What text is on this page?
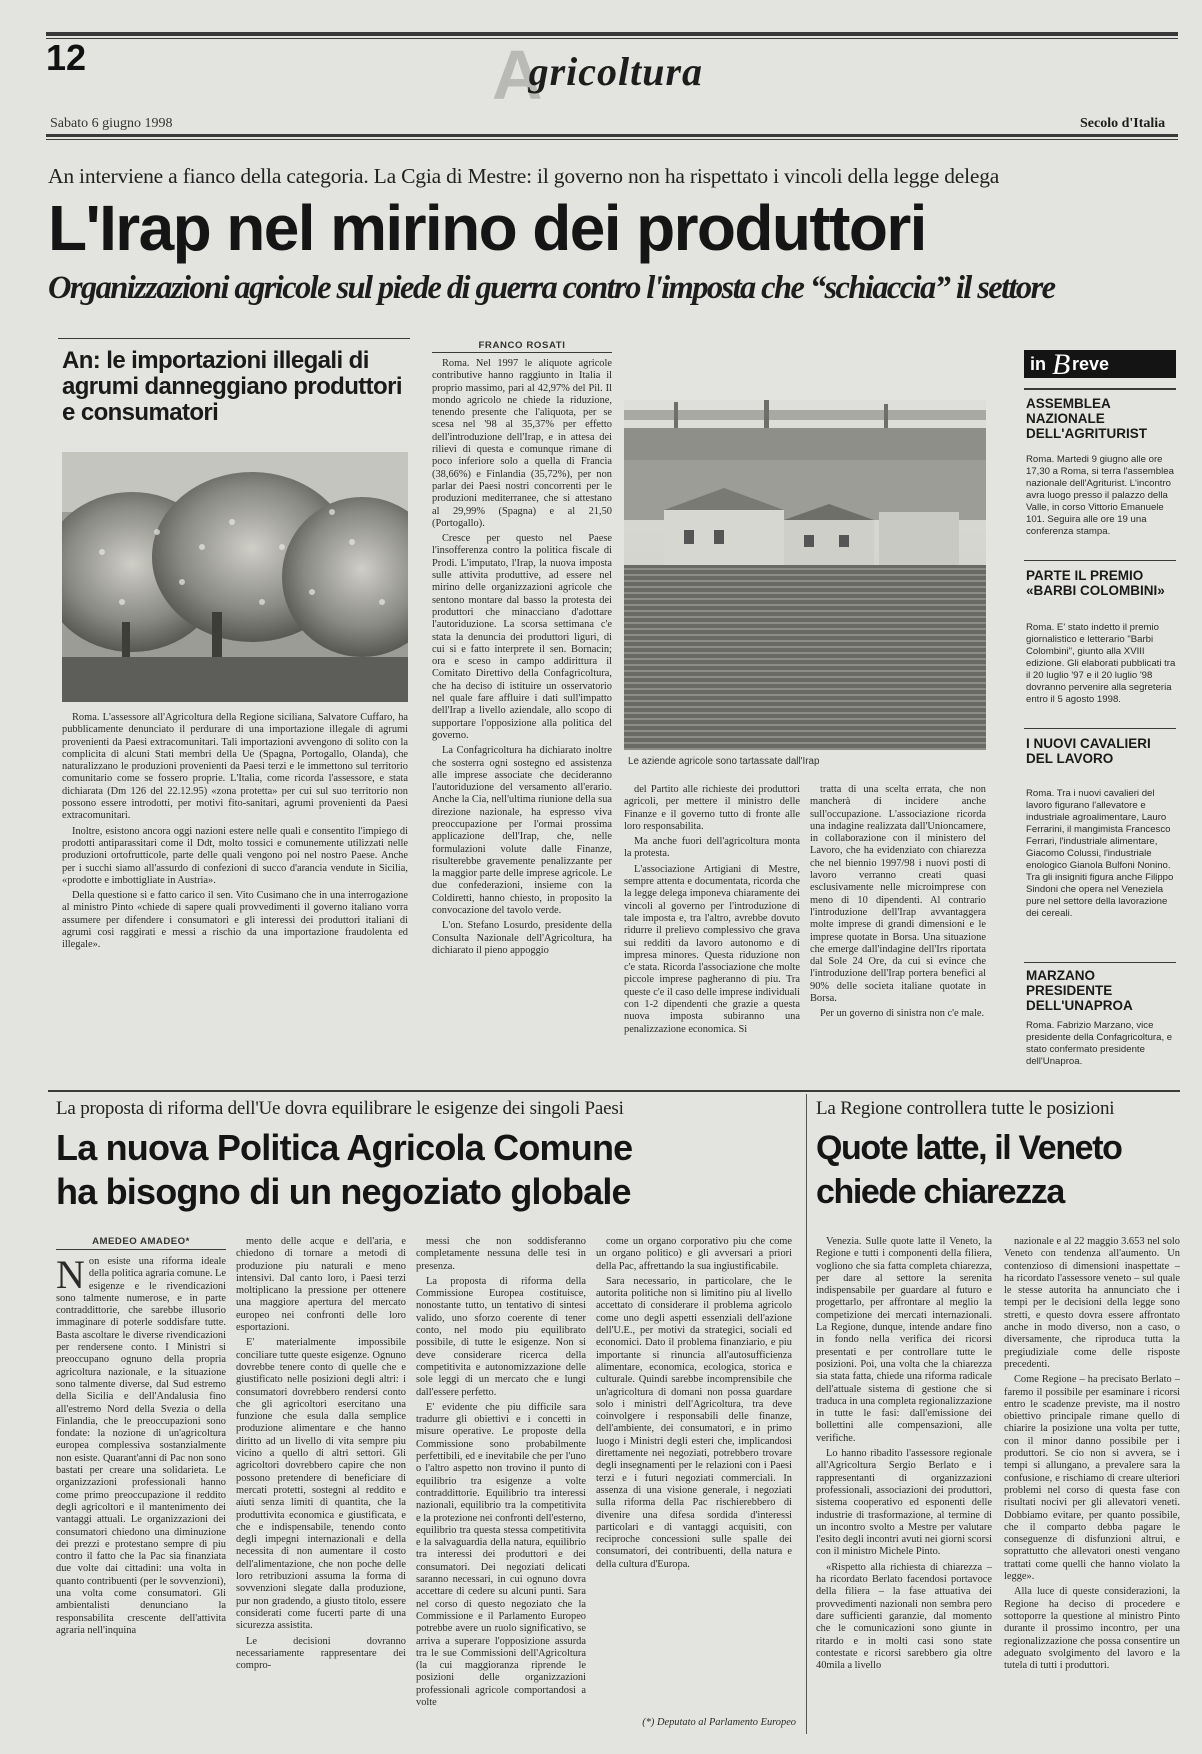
12	Agricoltura
Sabato 6 giugno 1998	Secolo d'Italia
An interviene a fianco della categoria. La Cgia di Mestre: il governo non ha rispettato i vincoli della legge delega
L'Irap nel mirino dei produttori
Organizzazioni agricole sul piede di guerra contro l'imposta che “schiaccia” il settore
An: le importazioni illegali di agrumi danneggiano produttori e consumatori

Roma. L'assessore all'Agricoltura della Regione siciliana, Salvatore Cuffaro, ha pubblicamente denunciato il perdurare di una importazione illegale di agrumi provenienti da Paesi extracomunitari. Tali importazioni avvengono di solito con la complicita di alcuni Stati membri della Ue (Spagna, Portogallo, Olanda), che naturalizzano le produzioni provenienti da Paesi terzi e le immettono sul territorio comunitario come se fossero proprie. L'Italia, come ricorda l'assessore, e stata dichiarata (Dm 126 del 22.12.95) «zona protetta» per cui sul suo territorio non possono essere introdotti, per motivi fito-sanitari, agrumi provenienti da Paesi extracomunitari.

Inoltre, esistono ancora oggi nazioni estere nelle quali e consentito l'impiego di prodotti antiparassitari come il Ddt, molto tossici e comunemente utilizzati nelle produzioni ortofrutticole, parte delle quali vengono poi nel nostro Paese. Anche per i succhi siamo all'assurdo di confezioni di succo d'arancia vendute in Sicilia, «prodotte e imbottigliate in Austria».

Della questione si e fatto carico il sen. Vito Cusimano che in una interrogazione al ministro Pinto «chiede di sapere quali provvedimenti il governo italiano vorra assumere per difendere i consumatori e gli interessi dei produttori italiani di agrumi cosi raggirati e messi a rischio da una importazione fraudolenta ed illegale».

FRANCO ROSATI

Roma. Nel 1997 le aliquote agricole contributive hanno raggiunto in Italia il proprio massimo, pari al 42,97% del Pil. Il mondo agricolo ne chiede la riduzione, tenendo presente che l'aliquota, per se scesa nel '98 al 35,37% per effetto dell'introduzione dell'Irap, e in attesa dei rilievi di questa e comunque rimane di poco inferiore solo a quella di Francia (38,66%) e Finlandia (35,72%), per non parlar dei Paesi nostri concorrenti per le produzioni mediterranee, che si attestano al 29,99% (Spagna) e al 21,50 (Portogallo).

Cresce per questo nel Paese l'insofferenza contro la politica fiscale di Prodi. L'imputato, l'Irap, la nuova imposta sulle attivita produttive, ad essere nel mirino delle organizzazioni agricole che sentono montare dal basso la protesta dei produttori che minacciano d'adottare l'autoriduzione. La scorsa settimana c'e stata la denuncia dei produttori liguri, di cui si e fatto interprete il sen. Bornacin; ora e sceso in campo addirittura il Comitato Direttivo della Confagricoltura, che ha deciso di istituire un osservatorio nel quale fare affluire i dati sull'impatto dell'Irap a livello aziendale, allo scopo di supportare l'opposizione alla politica del governo.

La Confagricoltura ha dichiarato inoltre che sosterra ogni sostegno ed assistenza alle imprese associate che decideranno l'autoriduzione del versamento all'erario. Anche la Cia, nell'ultima riunione della sua direzione nazionale, ha espresso viva preoccupazione per l'ormai prossima applicazione dell'Irap, che, nelle formulazioni volute dalle Finanze, risulterebbe gravemente penalizzante per la maggior parte delle imprese agricole. Le due confederazioni, insieme con la Coldiretti, hanno chiesto, in proposito la convocazione del tavolo verde.

L'on. Stefano Losurdo, presidente della Consulta Nazionale dell'Agricoltura, ha dichiarato il pieno appoggio

Le aziende agricole sono tartassate dall'Irap

del Partito alle richieste dei produttori agricoli, per mettere il ministro delle Finanze e il governo tutto di fronte alle loro responsabilita.

Ma anche fuori dell'agricoltura monta la protesta.

L'associazione Artigiani di Mestre, sempre attenta e documentata, ricorda che la legge delega imponeva chiaramente dei vincoli al governo per l'introduzione di tale imposta e, tra l'altro, avrebbe dovuto ridurre il prelievo complessivo che grava sui redditi da lavoro autonomo e di impresa minores. Questa riduzione non c'e stata. Ricorda l'associazione che molte piccole imprese pagheranno di piu. Tra queste c'e il caso delle imprese individuali con 1-2 dipendenti che grazie a questa nuova imposta subiranno una penalizzazione economica. Si

tratta di una scelta errata, che non mancherà di incidere anche sull'occupazione. L'associazione ricorda una indagine realizzata dall'Unioncamere, in collaborazione con il ministero del Lavoro, che ha evidenziato con chiarezza che nel biennio 1997/98 i nuovi posti di lavoro verranno creati quasi esclusivamente nelle microimprese con meno di 10 dipendenti. Al contrario l'introduzione dell'Irap avvantaggera molte imprese di grandi dimensioni e le imprese quotate in Borsa. Una situazione che emerge dall'indagine dell'Irs riportata dal Sole 24 Ore, da cui si evince che l'introduzione dell'Irap portera benefici al 90% delle societa italiane quotate in Borsa.

Per un governo di sinistra non c'e male.

in B reve
ASSEMBLEA NAZIONALE DELL'AGRITURIST
Roma. Martedi 9 giugno alle ore 17,30 a Roma, si terra l'assemblea nazionale dell'Agriturist. L'incontro avra luogo presso il palazzo della Valle, in corso Vittorio Emanuele 101. Seguira alle ore 19 una conferenza stampa.
PARTE IL PREMIO «BARBI COLOMBINI»
Roma. E' stato indetto il premio giornalistico e letterario "Barbi Colombini", giunto alla XVIII edizione. Gli elaborati pubblicati tra il 20 luglio '97 e il 20 luglio '98 dovranno pervenire alla segreteria entro il 5 agosto 1998.
I NUOVI CAVALIERI DEL LAVORO
Roma. Tra i nuovi cavalieri del lavoro figurano l'allevatore e industriale agroalimentare, Lauro Ferrarini, il mangimista Francesco Ferrari, l'industriale alimentare, Giacomo Colussi, l'industriale enologico Gianola Bulfoni Nonino. Tra gli insigniti figura anche Filippo Sindoni che opera nel Veneziela pure nel settore della lavorazione dei cereali.
MARZANO PRESIDENTE DELL'UNAPROA
Roma. Fabrizio Marzano, vice presidente della Confagricoltura, e stato confermato presidente dell'Unaproa.
La proposta di riforma dell'Ue dovra equilibrare le esigenze dei singoli Paesi
La nuova Politica Agricola Comune
ha bisogno di un negoziato globale
AMEDEO AMADEO*
Non esiste una riforma ideale della politica agraria comune. Le esigenze e le rivendicazioni sono talmente numerose, e in parte contraddittorie, che sarebbe illusorio immaginare di poterle soddisfare tutte. Basta ascoltare le diverse rivendicazioni per rendersene conto. I Ministri si preoccupano ognuno della propria agricoltura nazionale, e la situazione sono talmente diverse, dal Sud estremo della Sicilia e dell'Andalusia fino all'estremo Nord della Svezia o della Finlandia, che le preoccupazioni sono fondate: la nozione di un'agricoltura europea complessiva sostanzialmente non esiste. Quarant'anni di Pac non sono bastati per creare una solidarieta. Le organizzazioni professionali hanno come primo preoccupazione il reddito degli agricoltori e il mantenimento dei vantaggi attuali. Le organizzazioni dei consumatori chiedono una diminuzione dei prezzi e protestano sempre di piu contro il fatto che la Pac sia finanziata due volte dai cittadini: una volta in quanto contribuenti (per le sovvenzioni), una volta come consumatori. Gli ambientalisti denunciano la responsabilita crescente dell'attivita agraria nell'inquina

mento delle acque e dell'aria, e chiedono di tornare a metodi di produzione piu naturali e meno intensivi. Dal canto loro, i Paesi terzi moltiplicano la pressione per ottenere una maggiore apertura del mercato europeo nei confronti delle loro esportazioni.

E' materialmente impossibile conciliare tutte queste esigenze. Ognuno dovrebbe tenere conto di quelle che e giustificato nelle posizioni degli altri: i consumatori dovrebbero rendersi conto che gli agricoltori esercitano una funzione che esula dalla semplice produzione alimentare e che hanno diritto ad un livello di vita sempre piu vicino a quello di altri settori. Gli agricoltori dovrebbero capire che non possono pretendere di beneficiare di mercati protetti, sostegni al reddito e aiuti senza limiti di quantita, che la produttivita economica e giustificata, e che e indispensabile, tenendo conto degli impegni internazionali e della necessita di non aumentare il costo dell'alimentazione, che non poche delle loro retribuzioni assuma la forma di sovvenzioni slegate dalla produzione, pur non gradendo, a giusto titolo, essere considerati come fucerti parte di una sicurezza assistita.

Le decisioni dovranno necessariamente rappresentare dei compro-

messi che non soddisferanno completamente nessuna delle tesi in presenza.

La proposta di riforma della Commissione Europea costituisce, nonostante tutto, un tentativo di sintesi valido, uno sforzo coerente di tener conto, nel modo piu equilibrato possibile, di tutte le esigenze. Non si deve considerare ricerca della competitivita e autonomizzazione delle sole leggi di un mercato che e lungi dall'essere perfetto.

E' evidente che piu difficile sara tradurre gli obiettivi e i concetti in misure operative. Le proposte della Commissione sono probabilmente perfettibili, ed e inevitabile che per l'uno o l'altro aspetto non trovino il punto di equilibrio tra esigenze a volte contraddittorie. Equilibrio tra interessi nazionali, equilibrio tra la competitivita e la protezione nei confronti dell'esterno, equilibrio tra questa stessa competitivita e la salvaguardia della natura, equilibrio tra interessi dei produttori e dei consumatori. Dei negoziati delicati saranno necessari, in cui ognuno dovra accettare di cedere su alcuni punti. Sara nel corso di questo negoziato che la Commissione e il Parlamento Europeo potrebbe avere un ruolo significativo, se arriva a superare l'opposizione assurda tra le sue Commissioni dell'Agricoltura (la cui maggioranza riprende le posizioni delle organizzazioni professionali agricole comportandosi a volte

come un organo corporativo piu che come un organo politico) e gli avversari a priori della Pac, affrettando la sua ingiustificabile.

Sara necessario, in particolare, che le autorita politiche non si limitino piu al livello accettato di considerare il problema agricolo come uno degli aspetti essenziali dell'azione dell'U.E., per motivi da strategici, sociali ed economici. Dato il problema finanziario, e piu importante si rinuncia all'autosufficienza alimentare, economica, ecologica, storica e culturale. Quindi sarebbe incomprensibile che un'agricoltura di domani non possa guardare solo i ministri dell'Agricoltura, tra deve coinvolgere i responsabili delle finanze, dell'ambiente, dei consumatori, e in primo luogo i Ministri degli esteri che, implicandosi direttamente nei negoziati, potrebbero trovare degli insegnamenti per le relazioni con i Paesi terzi e i futuri negoziati commerciali. In assenza di una visione generale, i negoziati sulla riforma della Pac rischierebbero di divenire una difesa sordida d'interessi particolari e di vantaggi acquisiti, con reciproche concessioni sulle spalle dei consumatori, dei contribuenti, della natura e della cultura d'Europa.

(*) Deputato al Parlamento Europeo
La Regione controllera tutte le posizioni
Quote latte, il Veneto
chiede chiarezza

Venezia. Sulle quote latte il Veneto, la Regione e tutti i componenti della filiera, vogliono che sia fatta completa chiarezza, per dare al settore la serenita indispensabile per guardare al futuro e progettarlo, per affrontare al meglio la competizione dei mercati internazionali. La Regione, dunque, intende andare fino in fondo nella verifica dei ricorsi presentati e per controllare tutte le posizioni. Poi, una volta che la chiarezza sia stata fatta, chiede una riforma radicale dell'attuale sistema di gestione che si traduca in una completa regionalizzazione in tutte le fasi: dall'emissione dei bollettini alle compensazioni, alle verifiche.

Lo hanno ribadito l'assessore regionale all'Agricoltura Sergio Berlato e i rappresentanti di organizzazioni professionali, associazioni dei produttori, sistema cooperativo ed esponenti delle industrie di trasformazione, al termine di un incontro svolto a Mestre per valutare l'esito degli incontri avuti nei giorni scorsi con il ministro Michele Pinto.

«Rispetto alla richiesta di chiarezza – ha ricordato Berlato facendosi portavoce della filiera – la fase attuativa dei provvedimenti nazionali non sembra pero dare sufficienti garanzie, dal momento che le comunicazioni sono giunte in ritardo e in molti casi sono state contestate e ricorsi sarebbero gia oltre 40mila a livello

nazionale e al 22 maggio 3.653 nel solo Veneto con tendenza all'aumento. Un contenzioso di dimensioni inaspettate – ha ricordato l'assessore veneto – sul quale le stesse autorita ha annunciato che i tempi per le decisioni della legge sono stretti, e questo dovra essere affrontato anche in modo diverso, non a caso, o diversamente, che riproduca tutta la pregiudiziale come delle risposte precedenti.

Come Regione – ha precisato Berlato – faremo il possibile per esaminare i ricorsi entro le scadenze previste, ma il nostro obiettivo principale rimane quello di chiarire la posizione una volta per tutte, con il minor danno possibile per i produttori. Se cio non si avvera, se i tempi si allungano, a prevalere sara la confusione, e rischiamo di creare ulteriori problemi nel corso di questa fase con risultati nocivi per gli allevatori veneti. Dobbiamo evitare, per quanto possibile, che il comparto debba pagare le conseguenze di disfunzioni altrui, e soprattutto che allevatori onesti vengano trattati come quelli che hanno violato la legge».

Alla luce di queste considerazioni, la Regione ha deciso di procedere e sottoporre la questione al ministro Pinto durante il prossimo incontro, per una regionalizzazione che possa consentire un adeguato svolgimento del lavoro e la tutela di tutti i produttori.
